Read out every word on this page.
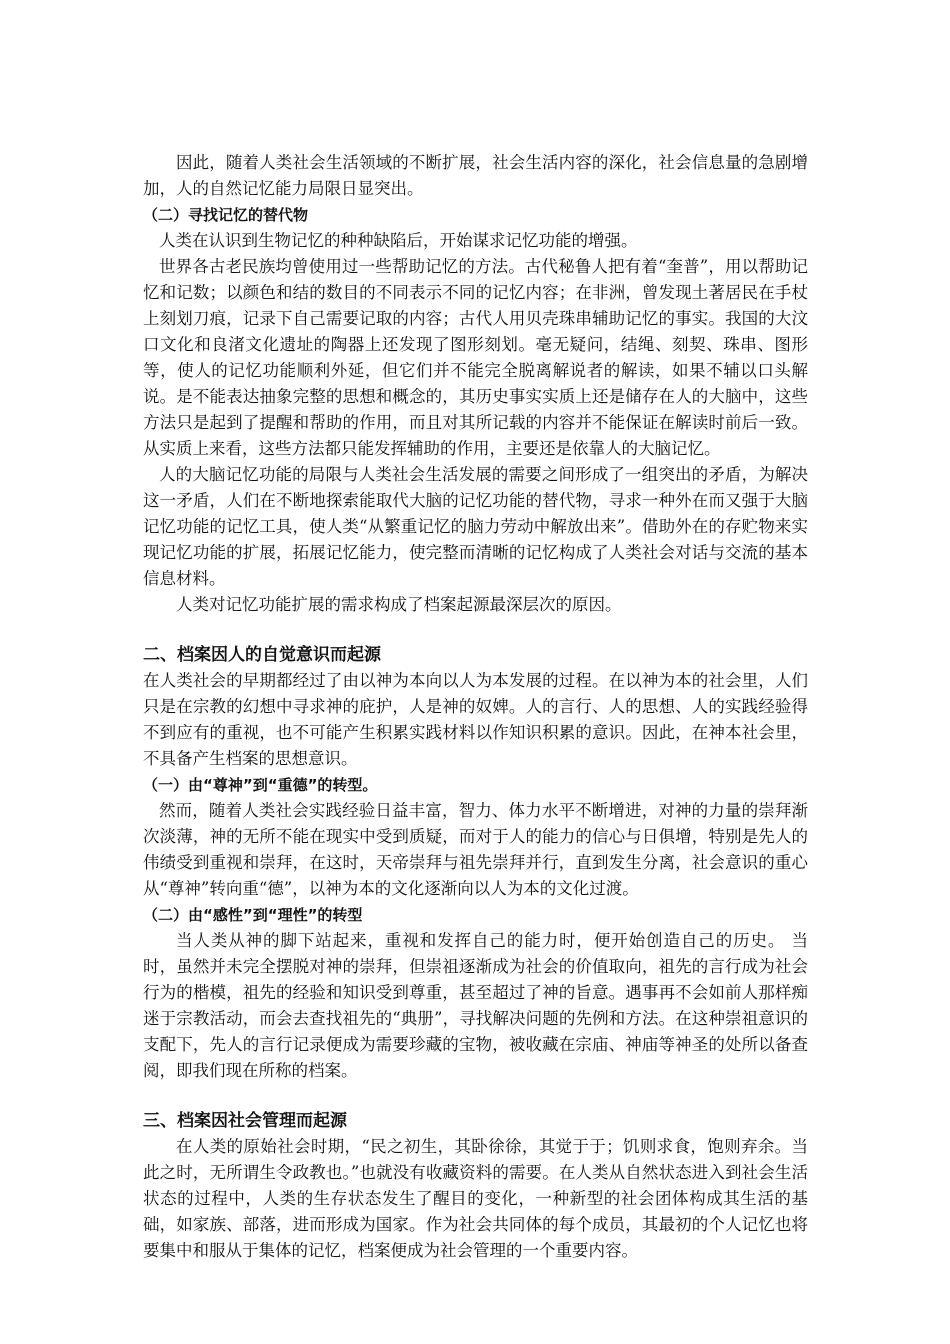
因此，随着人类社会生活领域的不断扩展，社会生活内容的深化，社会信息量的急剧增加，人的自然记忆能力局限日显突出。

（二）寻找记忆的替代物

人类在认识到生物记忆的种种缺陷后，开始谋求记忆功能的增强。

世界各古老民族均曾使用过一些帮助记忆的方法。古代秘鲁人把有着“奎普”，用以帮助记忆和记数；以颜色和结的数目的不同表示不同的记忆内容；在非洲，曾发现土著居民在手杖上刻划刀痕，记录下自己需要记取的内容；古代人用贝壳珠串辅助记忆的事实。我国的大汶口文化和良渚文化遗址的陶器上还发现了图形刻划。毫无疑问，结绳、刻契、珠串、图形等，使人的记忆功能顺利外延，但它们并不能完全脱离解说者的解读，如果不辅以口头解说。是不能表达抽象完整的思想和概念的，其历史事实实质上还是储存在人的大脑中，这些方法只是起到了提醒和帮助的作用，而且对其所记载的内容并不能保证在解读时前后一致。从实质上来看，这些方法都只能发挥辅助的作用，主要还是依靠人的大脑记忆。

人的大脑记忆功能的局限与人类社会生活发展的需要之间形成了一组突出的矛盾，为解决这一矛盾，人们在不断地探索能取代大脑的记忆功能的替代物，寻求一种外在而又强于大脑记忆功能的记忆工具，使人类“从繁重记忆的脑力劳动中解放出来”。借助外在的存贮物来实现记忆功能的扩展，拓展记忆能力，使完整而清晰的记忆构成了人类社会对话与交流的基本信息材料。

人类对记忆功能扩展的需求构成了档案起源最深层次的原因。

二、档案因人的自觉意识而起源

在人类社会的早期都经过了由以神为本向以人为本发展的过程。在以神为本的社会里，人们只是在宗教的幻想中寻求神的庇护，人是神的奴婢。人的言行、人的思想、人的实践经验得不到应有的重视，也不可能产生积累实践材料以作知识积累的意识。因此，在神本社会里，不具备产生档案的思想意识。

（一）由“尊神”到“重德”的转型。

然而，随着人类社会实践经验日益丰富，智力、体力水平不断增进，对神的力量的崇拜渐次淡薄，神的无所不能在现实中受到质疑，而对于人的能力的信心与日俱增，特别是先人的伟绩受到重视和崇拜，在这时，天帝崇拜与祖先崇拜并行，直到发生分离，社会意识的重心从“尊神”转向重“德”，以神为本的文化逐渐向以人为本的文化过渡。

（二）由“感性”到“理性”的转型

当人类从神的脚下站起来，重视和发挥自己的能力时，便开始创造自己的历史。 当时，虽然并未完全摆脱对神的崇拜，但崇祖逐渐成为社会的价值取向，祖先的言行成为社会行为的楷模，祖先的经验和知识受到尊重，甚至超过了神的旨意。遇事再不会如前人那样痴迷于宗教活动，而会去查找祖先的“典册”，寻找解决问题的先例和方法。在这种崇祖意识的支配下，先人的言行记录便成为需要珍藏的宝物，被收藏在宗庙、神庙等神圣的处所以备查阅，即我们现在所称的档案。

三、档案因社会管理而起源

在人类的原始社会时期，“民之初生，其卧徐徐，其觉于于；饥则求食，饱则弃余。当此之时，无所谓生令政教也。”也就没有收藏资料的需要。在人类从自然状态进入到社会生活状态的过程中，人类的生存状态发生了醒目的变化，一种新型的社会团体构成其生活的基础，如家族、部落，进而形成为国家。作为社会共同体的每个成员，其最初的个人记忆也将要集中和服从于集体的记忆，档案便成为社会管理的一个重要内容。
